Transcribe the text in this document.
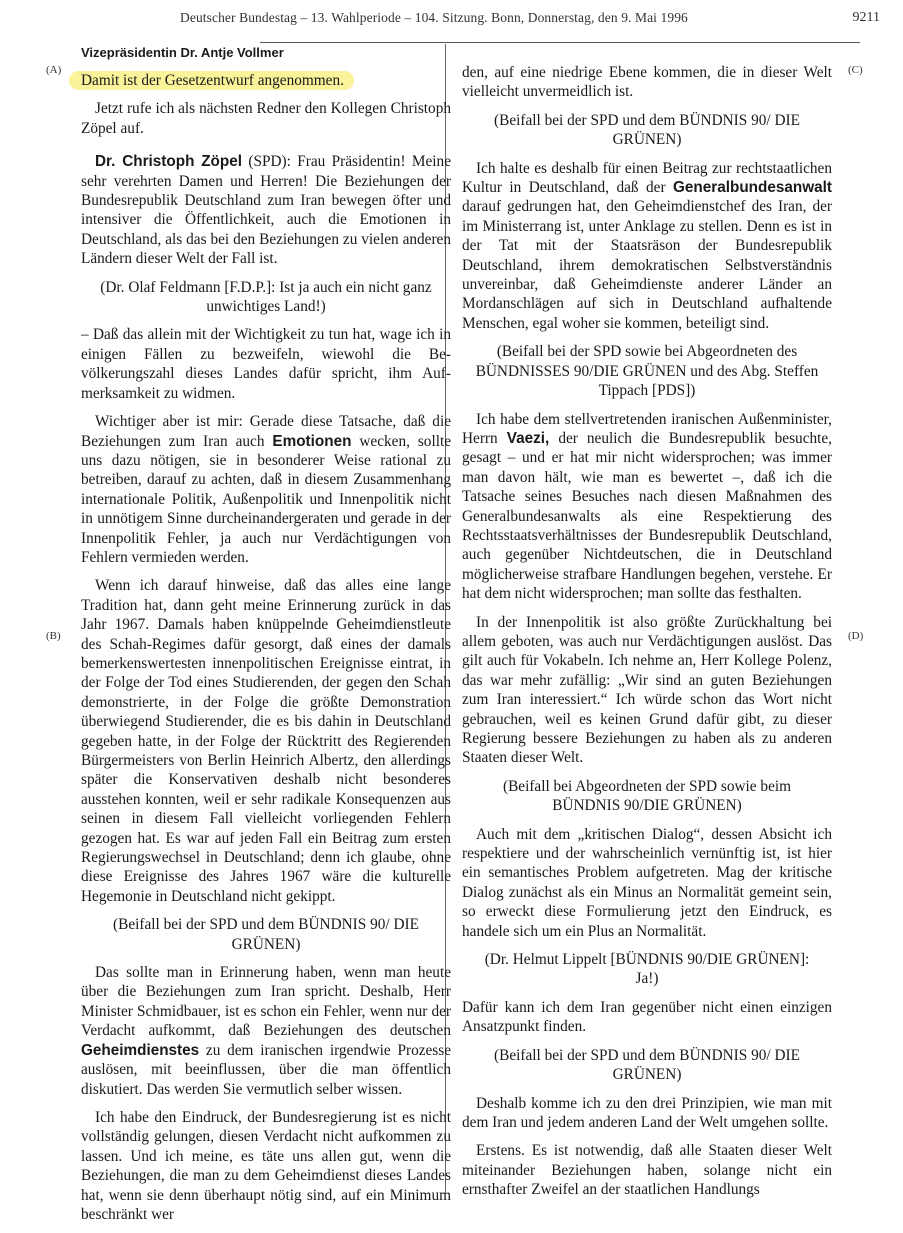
Deutscher Bundestag – 13. Wahlperiode – 104. Sitzung. Bonn, Donnerstag, den 9. Mai 1996	9211
(A)
(B)
(C)
(D)

Vizepräsidentin Dr. Antje Vollmer

Damit ist der Gesetzentwurf angenommen.

Jetzt rufe ich als nächsten Redner den Kollegen Christoph Zöpel auf.

Dr. Christoph Zöpel (SPD): Frau Präsidentin! Meine sehr verehrten Damen und Herren! Die Beziehungen der Bundesrepublik Deutschland zum Iran bewegen öfter und intensiver die Öffentlichkeit, auch die Emotionen in Deutschland, als das bei den Beziehungen zu vielen anderen Ländern dieser Welt der Fall ist.

(Dr. Olaf Feldmann [F.D.P.]: Ist ja auch ein nicht ganz unwichtiges Land!)

– Daß das allein mit der Wichtigkeit zu tun hat, wage ich in einigen Fällen zu bezweifeln, wiewohl die Bevölkerungszahl dieses Landes dafür spricht, ihm Aufmerksamkeit zu widmen.

Wichtiger aber ist mir: Gerade diese Tatsache, daß die Beziehungen zum Iran auch Emotionen wecken, sollte uns dazu nötigen, sie in besonderer Weise rational zu betreiben, darauf zu achten, daß in diesem Zusammenhang internationale Politik, Außenpolitik und Innenpolitik nicht in unnötigem Sinne durcheinandergeraten und gerade in der Innenpolitik Fehler, ja auch nur Verdächtigungen von Fehlern vermieden werden.

Wenn ich darauf hinweise, daß das alles eine lange Tradition hat, dann geht meine Erinnerung zurück in das Jahr 1967. Damals haben knüppelnde Geheimdienstleute des Schah-Regimes dafür gesorgt, daß eines der damals bemerkenswertesten innenpolitischen Ereignisse eintrat, in der Folge der Tod eines Studierenden, der gegen den Schah demonstrierte, in der Folge die größte Demonstration überwiegend Studierender, die es bis dahin in Deutschland gegeben hatte, in der Folge der Rücktritt des Regierenden Bürgermeisters von Berlin Heinrich Albertz, den allerdings später die Konservativen deshalb nicht besonderes ausstehen konnten, weil er sehr radikale Konsequenzen aus seinen in diesem Fall vielleicht vorliegenden Fehlern gezogen hat. Es war auf jeden Fall ein Beitrag zum ersten Regierungswechsel in Deutschland; denn ich glaube, ohne diese Ereignisse des Jahres 1967 wäre die kulturelle Hegemonie in Deutschland nicht gekippt.

(Beifall bei der SPD und dem BÜNDNIS 90/ DIE GRÜNEN)

Das sollte man in Erinnerung haben, wenn man heute über die Beziehungen zum Iran spricht. Deshalb, Herr Minister Schmidbauer, ist es schon ein Fehler, wenn nur der Verdacht aufkommt, daß Beziehungen des deutschen Geheimdienstes zu dem iranischen irgendwie Prozesse auslösen, mit beeinflussen, über die man öffentlich diskutiert. Das werden Sie vermutlich selber wissen.

Ich habe den Eindruck, der Bundesregierung ist es nicht vollständig gelungen, diesen Verdacht nicht aufkommen zu lassen. Und ich meine, es täte uns allen gut, wenn die Beziehungen, die man zu dem Geheimdienst dieses Landes hat, wenn sie denn überhaupt nötig sind, auf ein Minimum beschränkt wer

den, auf eine niedrige Ebene kommen, die in dieser Welt vielleicht unvermeidlich ist.

(Beifall bei der SPD und dem BÜNDNIS 90/ DIE GRÜNEN)

Ich halte es deshalb für einen Beitrag zur rechtstaatlichen Kultur in Deutschland, daß der Generalbundesanwalt darauf gedrungen hat, den Geheimdienstchef des Iran, der im Ministerrang ist, unter Anklage zu stellen. Denn es ist in der Tat mit der Staatsräson der Bundesrepublik Deutschland, ihrem demokratischen Selbstverständnis unvereinbar, daß Geheimdienste anderer Länder an Mordanschlägen auf sich in Deutschland aufhaltende Menschen, egal woher sie kommen, beteiligt sind.

(Beifall bei der SPD sowie bei Abgeordneten des BÜNDNISSES 90/DIE GRÜNEN und des Abg. Steffen Tippach [PDS])

Ich habe dem stellvertretenden iranischen Außenminister, Herrn Vaezi, der neulich die Bundesrepublik besuchte, gesagt – und er hat mir nicht widersprochen; was immer man davon hält, wie man es bewertet –, daß ich die Tatsache seines Besuches nach diesen Maßnahmen des Generalbundesanwalts als eine Respektierung des Rechtsstaatsverhältnisses der Bundesrepublik Deutschland, auch gegenüber Nichtdeutschen, die in Deutschland möglicherweise strafbare Handlungen begehen, verstehe. Er hat dem nicht widersprochen; man sollte das festhalten.

In der Innenpolitik ist also größte Zurückhaltung bei allem geboten, was auch nur Verdächtigungen auslöst. Das gilt auch für Vokabeln. Ich nehme an, Herr Kollege Polenz, das war mehr zufällig: „Wir sind an guten Beziehungen zum Iran interessiert.“ Ich würde schon das Wort nicht gebrauchen, weil es keinen Grund dafür gibt, zu dieser Regierung bessere Beziehungen zu haben als zu anderen Staaten dieser Welt.

(Beifall bei Abgeordneten der SPD sowie beim BÜNDNIS 90/DIE GRÜNEN)

Auch mit dem „kritischen Dialog“, dessen Absicht ich respektiere und der wahrscheinlich vernünftig ist, ist hier ein semantisches Problem aufgetreten. Mag der kritische Dialog zunächst als ein Minus an Normalität gemeint sein, so erweckt diese Formulierung jetzt den Eindruck, es handele sich um ein Plus an Normalität.

(Dr. Helmut Lippelt [BÜNDNIS 90/DIE GRÜNEN]: Ja!)

Dafür kann ich dem Iran gegenüber nicht einen einzigen Ansatzpunkt finden.

(Beifall bei der SPD und dem BÜNDNIS 90/ DIE GRÜNEN)

Deshalb komme ich zu den drei Prinzipien, wie man mit dem Iran und jedem anderen Land der Welt umgehen sollte.

Erstens. Es ist notwendig, daß alle Staaten dieser Welt miteinander Beziehungen haben, solange nicht ein ernsthafter Zweifel an der staatlichen Handlungs
